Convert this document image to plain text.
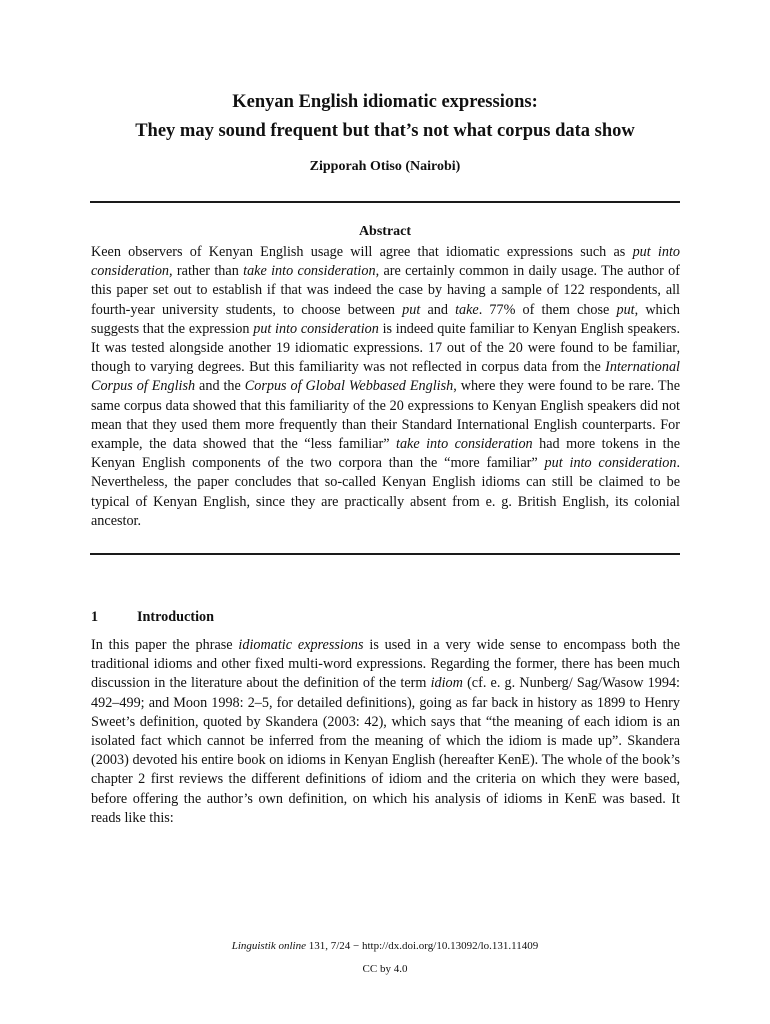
Kenyan English idiomatic expressions:
They may sound frequent but that’s not what corpus data show
Zipporah Otiso (Nairobi)
Abstract

Keen observers of Kenyan English usage will agree that idiomatic expressions such as put into consideration, rather than take into consideration, are certainly common in daily usage. The author of this paper set out to establish if that was indeed the case by having a sample of 122 respondents, all fourth-year university students, to choose between put and take. 77% of them chose put, which suggests that the expression put into consideration is indeed quite familiar to Kenyan English speakers. It was tested alongside another 19 idiomatic expressions. 17 out of the 20 were found to be familiar, though to varying degrees. But this familiarity was not reflected in corpus data from the International Corpus of English and the Corpus of Global Webbased English, where they were found to be rare. The same corpus data showed that this familiarity of the 20 expressions to Kenyan English speakers did not mean that they used them more frequently than their Standard International English counterparts. For example, the data showed that the “less familiar” take into consideration had more tokens in the Kenyan English components of the two corpora than the “more familiar” put into consideration. Nevertheless, the paper concludes that so-called Kenyan English idioms can still be claimed to be typical of Kenyan English, since they are practically absent from e. g. British English, its colonial ancestor.

1	Introduction

In this paper the phrase idiomatic expressions is used in a very wide sense to encompass both the traditional idioms and other fixed multi-word expressions. Regarding the former, there has been much discussion in the literature about the definition of the term idiom (cf. e. g. Nunberg/ Sag/Wasow 1994: 492–499; and Moon 1998: 2–5, for detailed definitions), going as far back in history as 1899 to Henry Sweet’s definition, quoted by Skandera (2003: 42), which says that “the meaning of each idiom is an isolated fact which cannot be inferred from the meaning of which the idiom is made up”. Skandera (2003) devoted his entire book on idioms in Kenyan English (hereafter KenE). The whole of the book’s chapter 2 first reviews the different definitions of idiom and the criteria on which they were based, before offering the author’s own definition, on which his analysis of idioms in KenE was based. It reads like this:

Linguistik online 131, 7/24 − http://dx.doi.org/10.13092/lo.131.11409
CC by 4.0
